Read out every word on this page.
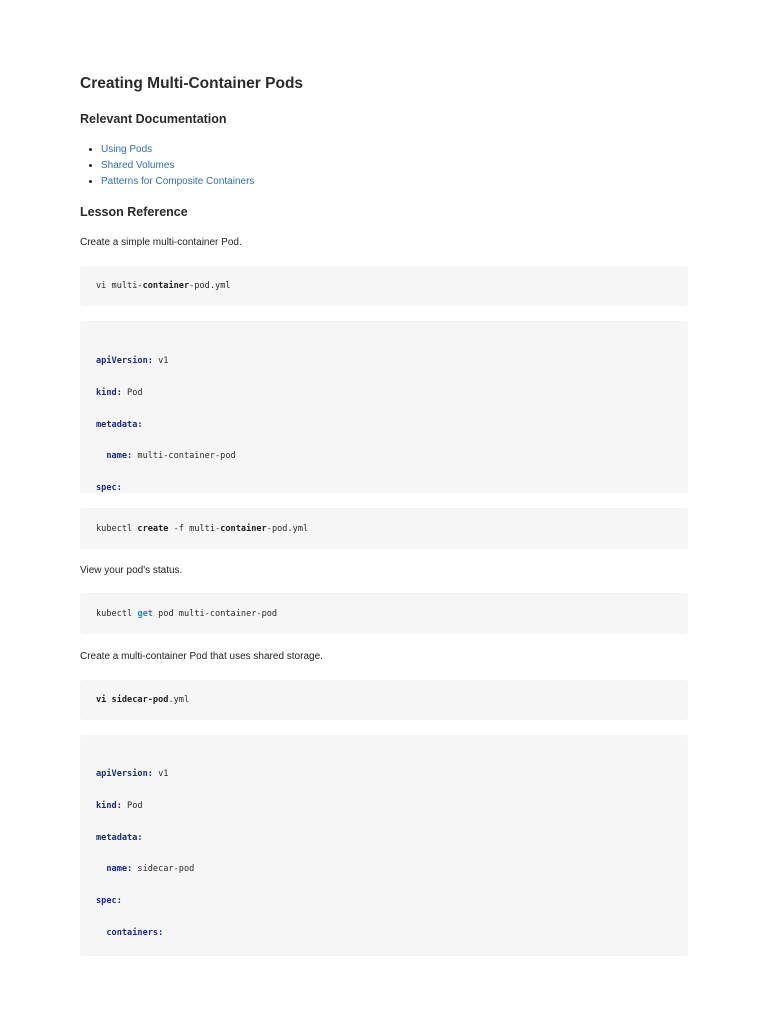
Creating Multi-Container Pods
Relevant Documentation
• Using Pods
• Shared Volumes
• Patterns for Composite Containers
Lesson Reference

Create a simple multi-container Pod.

vi multi-container-pod.yml

apiVersion: v1

kind: Pod

metadata:

name: multi-container-pod

spec:

kubectl create -f multi-container-pod.yml

View your pod's status.

kubectl get pod multi-container-pod

Create a multi-container Pod that uses shared storage.

vi sidecar-pod.yml

apiVersion: v1

kind: Pod

metadata:

name: sidecar-pod

spec:

containers:
